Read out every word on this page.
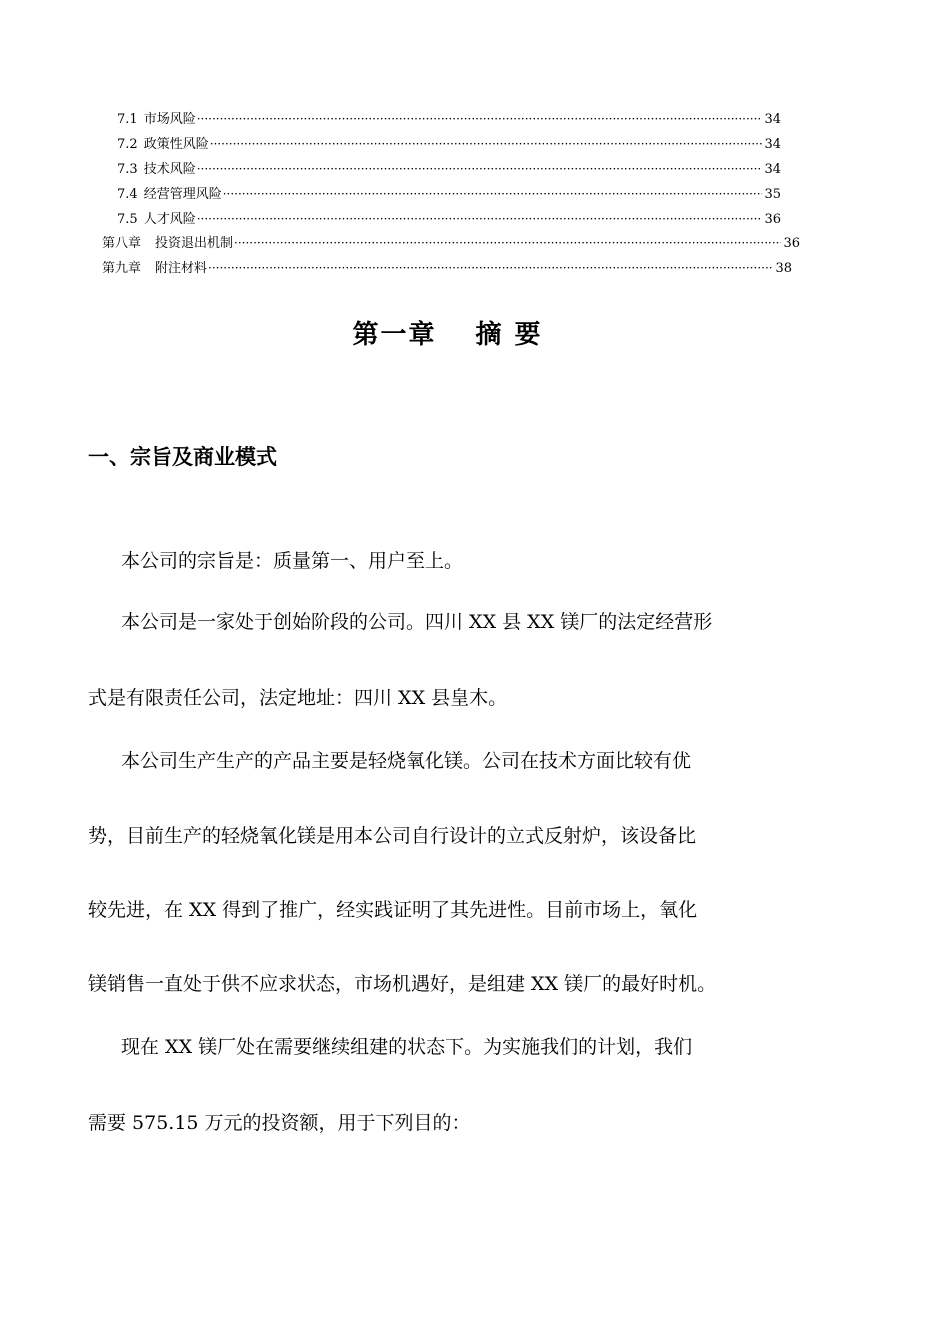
7.1 市场风险 ·····	34
7.2 政策性风险 ·····	34
7.3 技术风险 ·····	34
7.4 经营管理风险 ·····	35
7.5 人才风险 ·····	36
第八章 投资退出机制 ·····	36
第九章 附注材料 ·····	38
第一章　 摘 要
一、宗旨及商业模式
本公司的宗旨是：质量第一、用户至上。
本公司是一家处于创始阶段的公司。四川 XX 县 XX 镁厂的法定经营形
式是有限责任公司，法定地址：四川 XX 县皇木。
本公司生产生产的产品主要是轻烧氧化镁。公司在技术方面比较有优
势，目前生产的轻烧氧化镁是用本公司自行设计的立式反射炉，该设备比
较先进，在 XX 得到了推广，经实践证明了其先进性。目前市场上，氧化
镁销售一直处于供不应求状态，市场机遇好，是组建 XX 镁厂的最好时机。
现在 XX 镁厂处在需要继续组建的状态下。为实施我们的计划，我们
需要 575.15 万元的投资额，用于下列目的：
